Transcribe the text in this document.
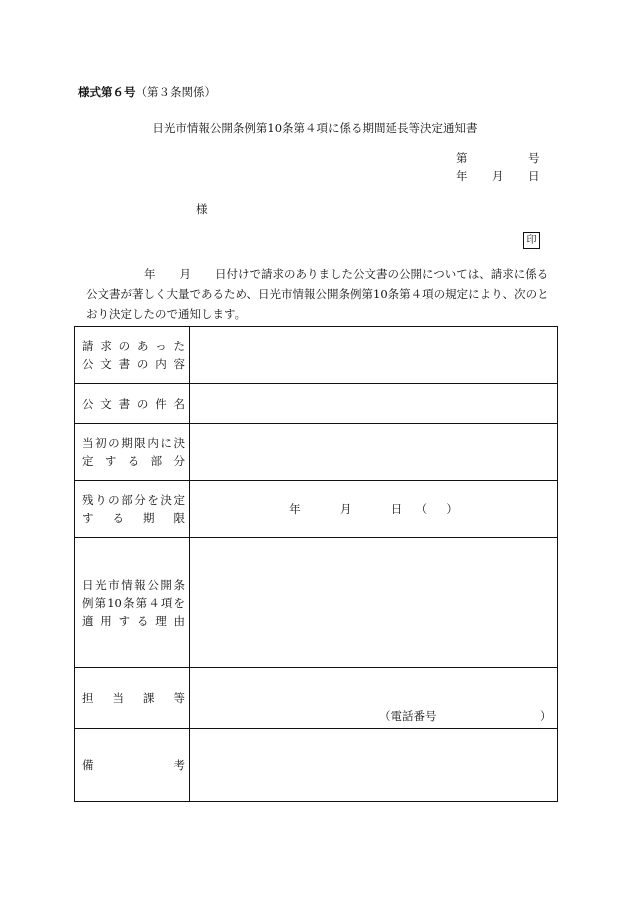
様式第６号（第３条関係）
日光市情報公開条例第10条第４項に係る期間延長等決定通知書
第	号
年 月 日
様
印
年 月 日付けで請求のありました公文書の公開については、請求に係る公文書が著しく大量であるため、日光市情報公開条例第10条第４項の規定により、次のとおり決定したので通知します。
請求のあった
公文書の内容	

公文書の件名	

当初の期限内に決
定する部分	

残りの部分を決定
する期限	年 月 日 （ ）

日光市情報公開条
例第10条第４項を
適用する理由	

担当課等	（電話番号 ）

備考	
